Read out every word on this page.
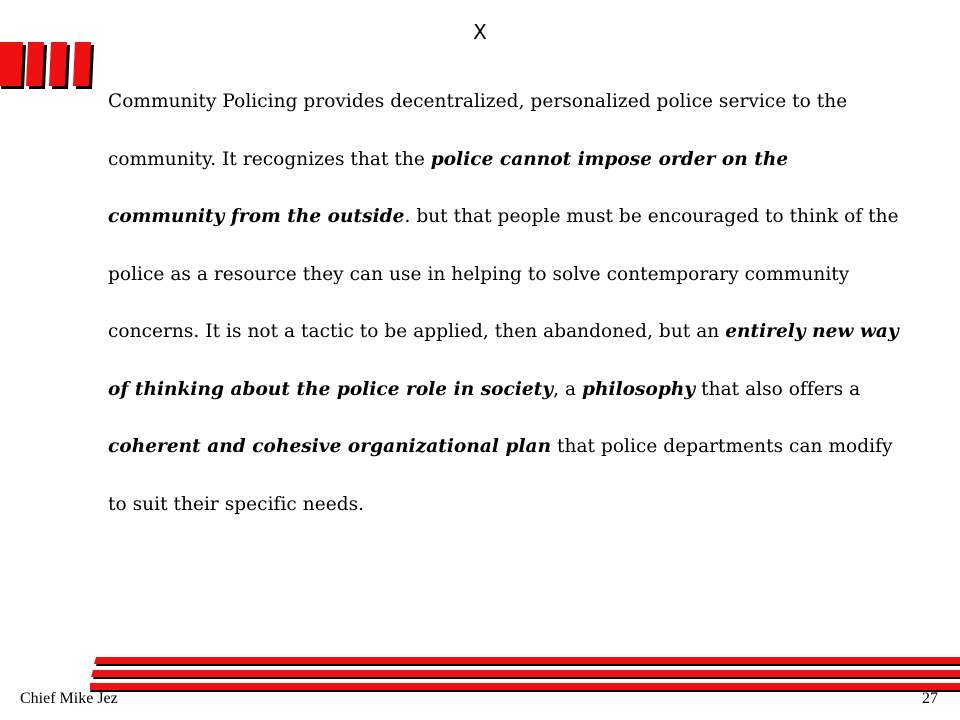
X

Community Policing provides decentralized, personalized police service to the community. It recognizes that the police cannot impose order on the community from the outside. but that people must be encouraged to think of the police as a resource they can use in helping to solve contemporary community concerns. It is not a tactic to be applied, then abandoned, but an entirely new way of thinking about the police role in society, a philosophy that also offers a coherent and cohesive organizational plan that police departments can modify to suit their specific needs.

Chief Mike Jez	27
